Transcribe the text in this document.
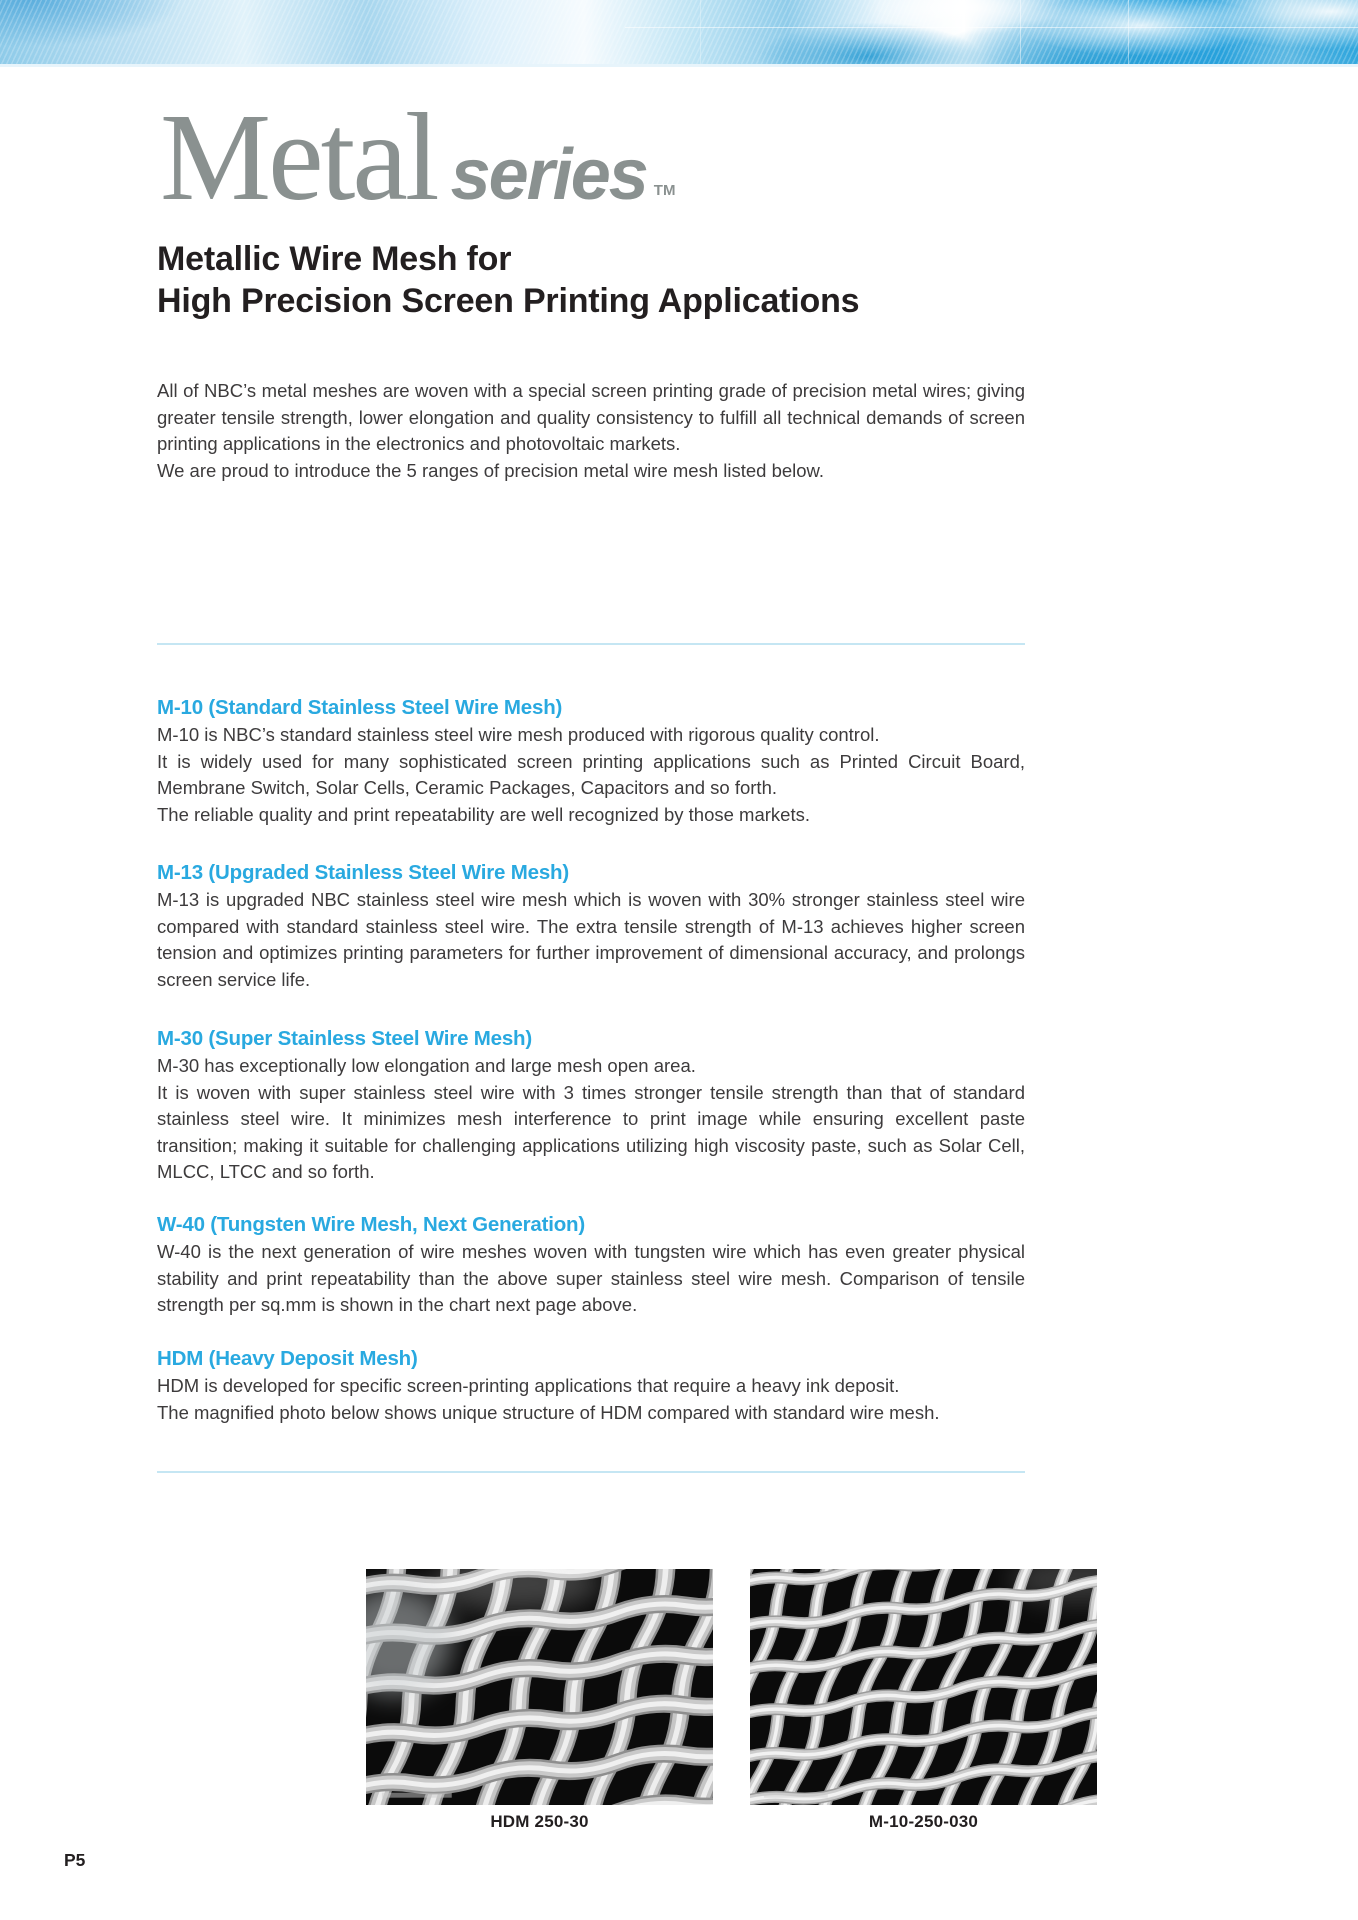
Metal series TM
Metallic Wire Mesh for
High Precision Screen Printing Applications

All of NBC’s metal meshes are woven with a special screen printing grade of precision metal wires; giving greater tensile strength, lower elongation and quality consistency to fulfill all technical demands of screen printing applications in the electronics and photovoltaic markets.

We are proud to introduce the 5 ranges of precision metal wire mesh listed below.

M-10 (Standard Stainless Steel Wire Mesh)

M-10 is NBC’s standard stainless steel wire mesh produced with rigorous quality control.

It is widely used for many sophisticated screen printing applications such as Printed Circuit Board, Membrane Switch, Solar Cells, Ceramic Packages, Capacitors and so forth.

The reliable quality and print repeatability are well recognized by those markets.

M-13 (Upgraded Stainless Steel Wire Mesh)

M-13 is upgraded NBC stainless steel wire mesh which is woven with 30% stronger stainless steel wire compared with standard stainless steel wire. The extra tensile strength of M-13 achieves higher screen tension and optimizes printing parameters for further improvement of dimensional accuracy, and prolongs screen service life.

M-30 (Super Stainless Steel Wire Mesh)

M-30 has exceptionally low elongation and large mesh open area.

It is woven with super stainless steel wire with 3 times stronger tensile strength than that of standard stainless steel wire. It minimizes mesh interference to print image while ensuring excellent paste transition; making it suitable for challenging applications utilizing high viscosity paste, such as Solar Cell, MLCC, LTCC and so forth.

W-40 (Tungsten Wire Mesh, Next Generation)

W-40 is the next generation of wire meshes woven with tungsten wire which has even greater physical stability and print repeatability than the above super stainless steel wire mesh. Comparison of tensile strength per sq.mm is shown in the chart next page above.

HDM (Heavy Deposit Mesh)

HDM is developed for specific screen-printing applications that require a heavy ink deposit.

The magnified photo below shows unique structure of HDM compared with standard wire mesh.

HDM 250-30	M-10-250-030
P5
